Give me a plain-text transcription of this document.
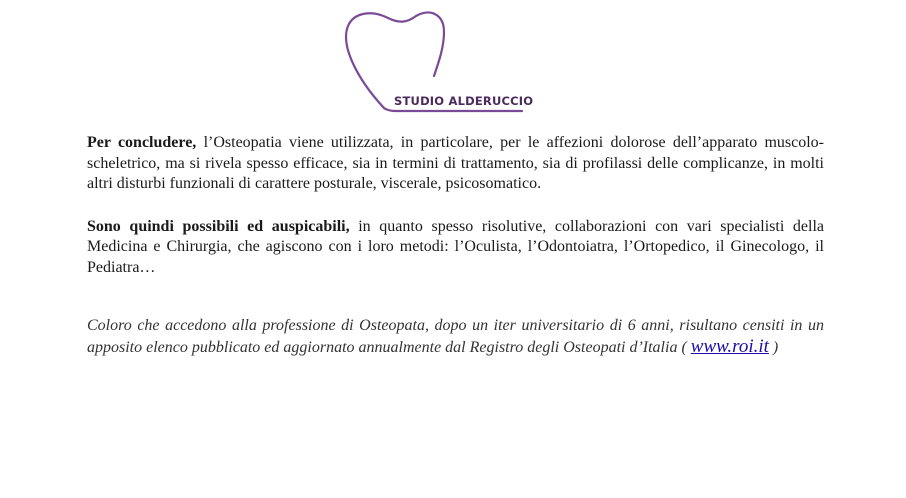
STUDIO ALDERUCCIO

Per concludere, l’Osteopatia viene utilizzata, in particolare, per le affezioni dolorose dell’apparato muscolo-scheletrico, ma si rivela spesso efficace, sia in termini di trattamento, sia di profilassi delle complicanze, in molti altri disturbi funzionali di carattere posturale, viscerale, psicosomatico.

Sono quindi possibili ed auspicabili, in quanto spesso risolutive, collaborazioni con vari specialisti della Medicina e Chirurgia, che agiscono con i loro metodi: l’Oculista, l’Odontoiatra, l’Ortopedico, il Ginecologo, il Pediatra…

Coloro che accedono alla professione di Osteopata, dopo un iter universitario di 6 anni, risultano censiti in un apposito elenco pubblicato ed aggiornato annualmente dal Registro degli Osteopati d’Italia ( www.roi.it )
